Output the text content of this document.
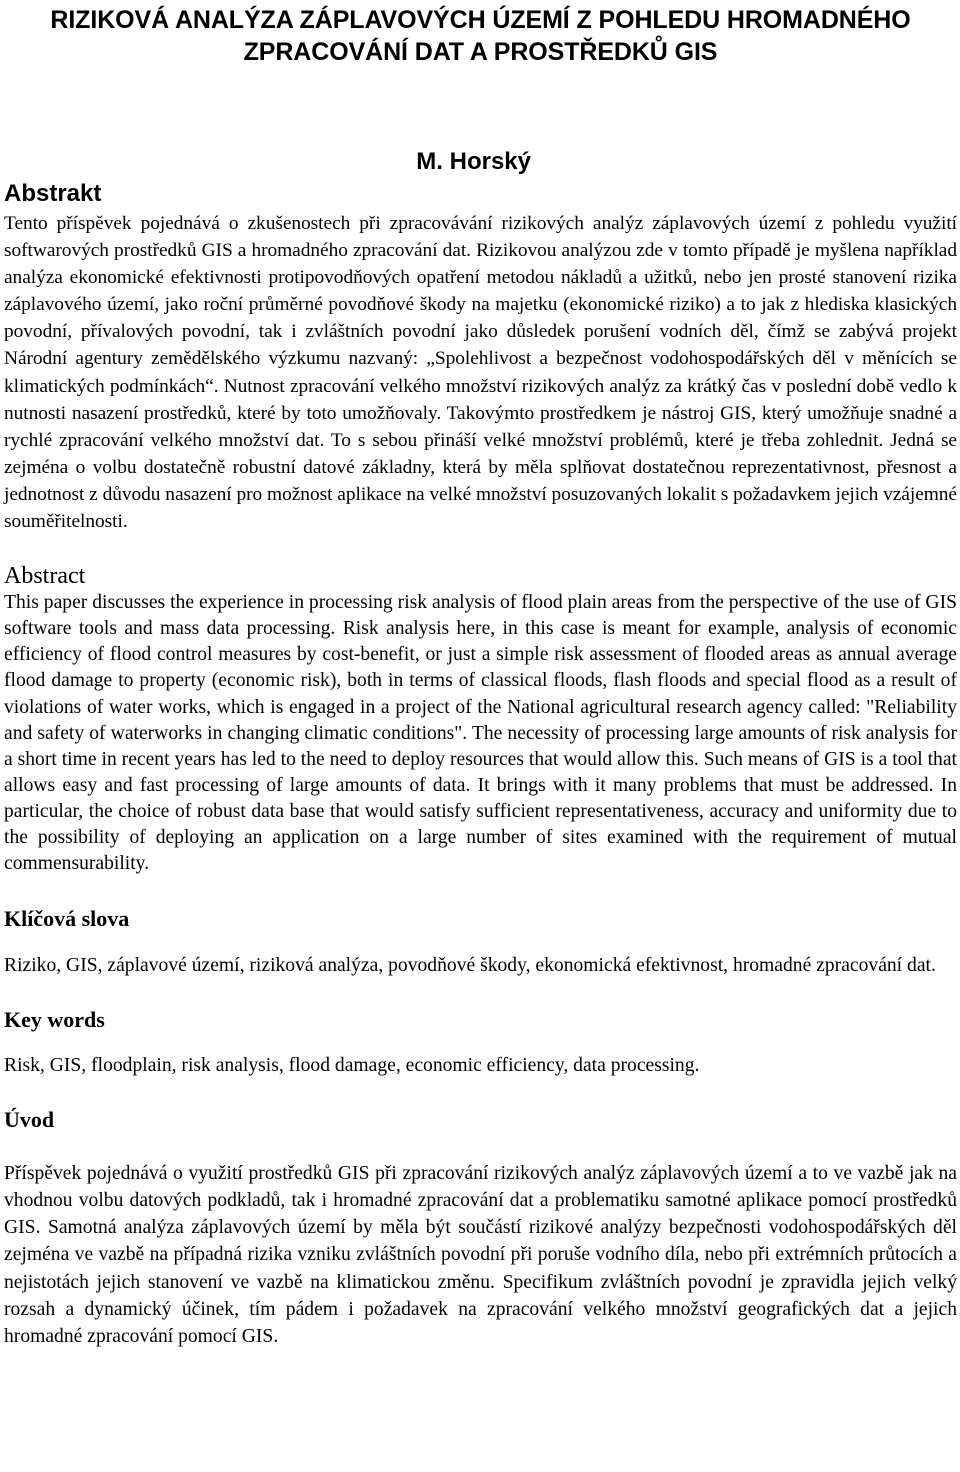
RIZIKOVÁ ANALÝZA ZÁPLAVOVÝCH ÚZEMÍ Z POHLEDU HROMADNÉHO ZPRACOVÁNÍ DAT A PROSTŘEDKŮ GIS
M. Horský
Abstrakt

Tento příspěvek pojednává o zkušenostech při zpracovávání rizikových analýz záplavových území z pohledu využití softwarových prostředků GIS a hromadného zpracování dat. Rizikovou analýzou zde v tomto případě je myšlena například analýza ekonomické efektivnosti protipovodňových opatření metodou nákladů a užitků, nebo jen prosté stanovení rizika záplavového území, jako roční průměrné povodňové škody na majetku (ekonomické riziko) a to jak z hlediska klasických povodní, přívalových povodní, tak i zvláštních povodní jako důsledek porušení vodních děl, čímž se zabývá projekt Národní agentury zemědělského výzkumu nazvaný: „Spolehlivost a bezpečnost vodohospodářských děl v měnících se klimatických podmínkách“. Nutnost zpracování velkého množství rizikových analýz za krátký čas v poslední době vedlo k nutnosti nasazení prostředků, které by toto umožňovaly. Takovýmto prostředkem je nástroj GIS, který umožňuje snadné a rychlé zpracování velkého množství dat. To s sebou přináší velké množství problémů, které je třeba zohlednit. Jedná se zejména o volbu dostatečně robustní datové základny, která by měla splňovat dostatečnou reprezentativnost, přesnost a jednotnost z důvodu nasazení pro možnost aplikace na velké množství posuzovaných lokalit s požadavkem jejich vzájemné souměřitelnosti.

Abstract

This paper discusses the experience in processing risk analysis of flood plain areas from the perspective of the use of GIS software tools and mass data processing. Risk analysis here, in this case is meant for example, analysis of economic efficiency of flood control measures by cost-benefit, or just a simple risk assessment of flooded areas as annual average flood damage to property (economic risk), both in terms of classical floods, flash floods and special flood as a result of violations of water works, which is engaged in a project of the National agricultural research agency called: "Reliability and safety of waterworks in changing climatic conditions". The necessity of processing large amounts of risk analysis for a short time in recent years has led to the need to deploy resources that would allow this. Such means of GIS is a tool that allows easy and fast processing of large amounts of data. It brings with it many problems that must be addressed. In particular, the choice of robust data base that would satisfy sufficient representativeness, accuracy and uniformity due to the possibility of deploying an application on a large number of sites examined with the requirement of mutual commensurability.

Klíčová slova

Riziko, GIS, záplavové území, riziková analýza, povodňové škody, ekonomická efektivnost, hromadné zpracování dat.

Key words

Risk, GIS, floodplain, risk analysis, flood damage, economic efficiency, data processing.

Úvod

Příspěvek pojednává o využití prostředků GIS při zpracování rizikových analýz záplavových území a to ve vazbě jak na vhodnou volbu datových podkladů, tak i hromadné zpracování dat a problematiku samotné aplikace pomocí prostředků GIS. Samotná analýza záplavových území by měla být součástí rizikové analýzy bezpečnosti vodohospodářských děl zejména ve vazbě na případná rizika vzniku zvláštních povodní při poruše vodního díla, nebo při extrémních průtocích a nejistotách jejich stanovení ve vazbě na klimatickou změnu. Specifikum zvláštních povodní je zpravidla jejich velký rozsah a dynamický účinek, tím pádem i požadavek na zpracování velkého množství geografických dat a jejich hromadné zpracování pomocí GIS.
